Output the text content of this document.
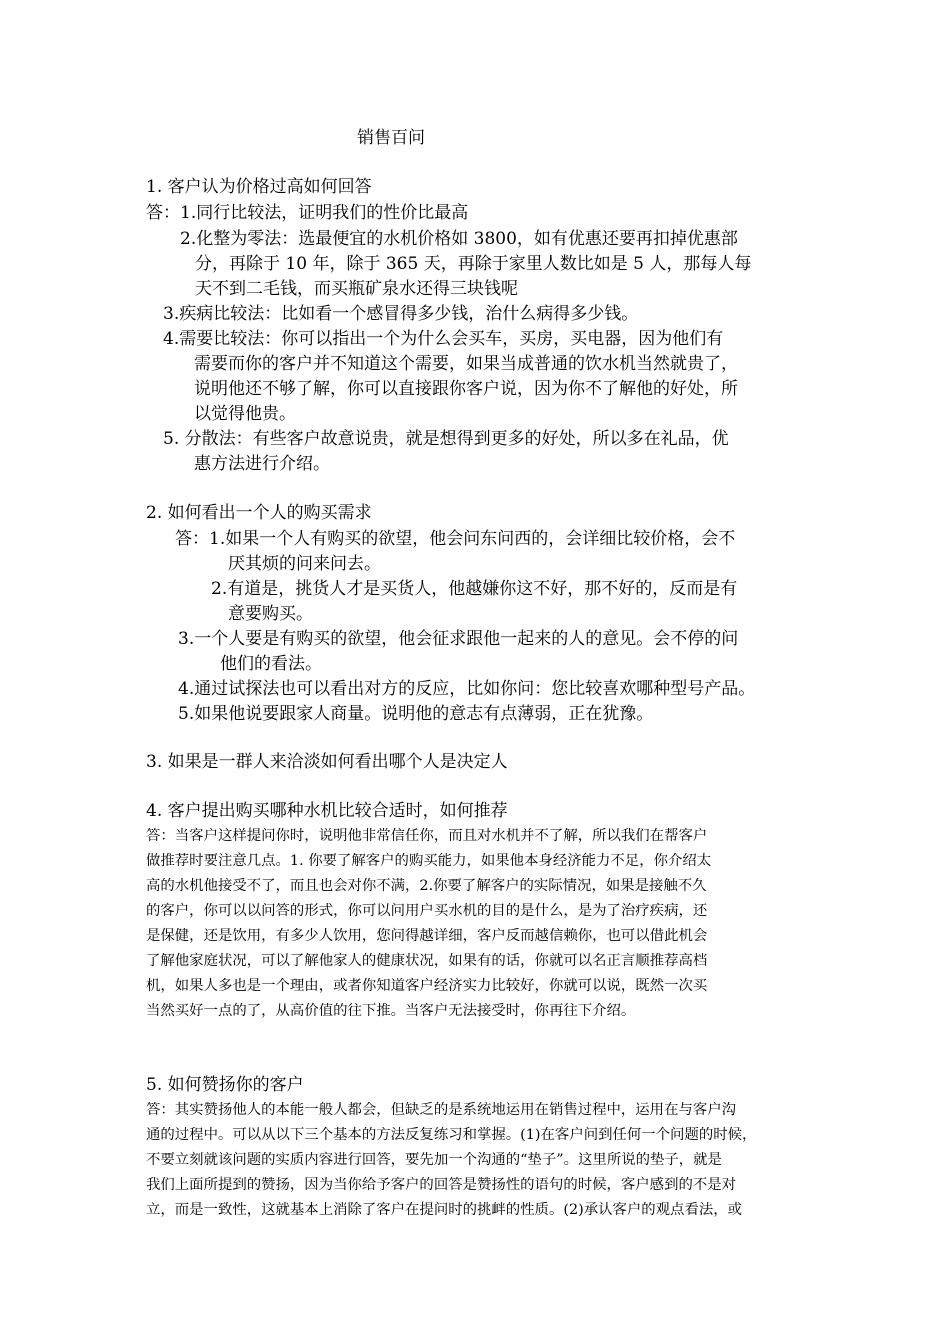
销售百问
1. 客户认为价格过高如何回答
答：1.同行比较法，证明我们的性价比最高
2.化整为零法：选最便宜的水机价格如 3800，如有优惠还要再扣掉优惠部
分，再除于 10 年，除于 365 天，再除于家里人数比如是 5 人，那每人每
天不到二毛钱，而买瓶矿泉水还得三块钱呢
3.疾病比较法：比如看一个感冒得多少钱，治什么病得多少钱。
4.需要比较法：你可以指出一个为什么会买车，买房，买电器，因为他们有
需要而你的客户并不知道这个需要，如果当成普通的饮水机当然就贵了，
说明他还不够了解，你可以直接跟你客户说，因为你不了解他的好处，所
以觉得他贵。
5. 分散法：有些客户故意说贵，就是想得到更多的好处，所以多在礼品，优
惠方法进行介绍。
2. 如何看出一个人的购买需求
答：1.如果一个人有购买的欲望，他会问东问西的，会详细比较价格，会不
厌其烦的问来问去。
2.有道是，挑货人才是买货人，他越嫌你这不好，那不好的，反而是有
意要购买。
3.一个人要是有购买的欲望，他会征求跟他一起来的人的意见。会不停的问
他们的看法。
4.通过试探法也可以看出对方的反应，比如你问：您比较喜欢哪种型号产品。
5.如果他说要跟家人商量。说明他的意志有点薄弱，正在犹豫。
3. 如果是一群人来洽淡如何看出哪个人是决定人
4. 客户提出购买哪种水机比较合适时，如何推荐
答：当客户这样提问你时，说明他非常信任你，而且对水机并不了解，所以我们在帮客户
做推荐时要注意几点。1. 你要了解客户的购买能力，如果他本身经济能力不足，你介绍太
高的水机他接受不了，而且也会对你不满，2.你要了解客户的实际情况，如果是接触不久
的客户，你可以以问答的形式，你可以问用户买水机的目的是什么，是为了治疗疾病，还
是保健，还是饮用，有多少人饮用，您问得越详细，客户反而越信赖你，也可以借此机会
了解他家庭状况，可以了解他家人的健康状况，如果有的话，你就可以名正言顺推荐高档
机，如果人多也是一个理由，或者你知道客户经济实力比较好，你就可以说，既然一次买
当然买好一点的了，从高价值的往下推。当客户无法接受时，你再往下介绍。
5. 如何赞扬你的客户
答：其实赞扬他人的本能一般人都会，但缺乏的是系统地运用在销售过程中，运用在与客户沟
通的过程中。可以从以下三个基本的方法反复练习和掌握。(1)在客户问到任何一个问题的时候，
不要立刻就该问题的实质内容进行回答，要先加一个沟通的“垫子”。这里所说的垫子，就是
我们上面所提到的赞扬，因为当你给予客户的回答是赞扬性的语句的时候，客户感到的不是对
立，而是一致性，这就基本上消除了客户在提问时的挑衅的性质。(2)承认客户的观点看法，或
